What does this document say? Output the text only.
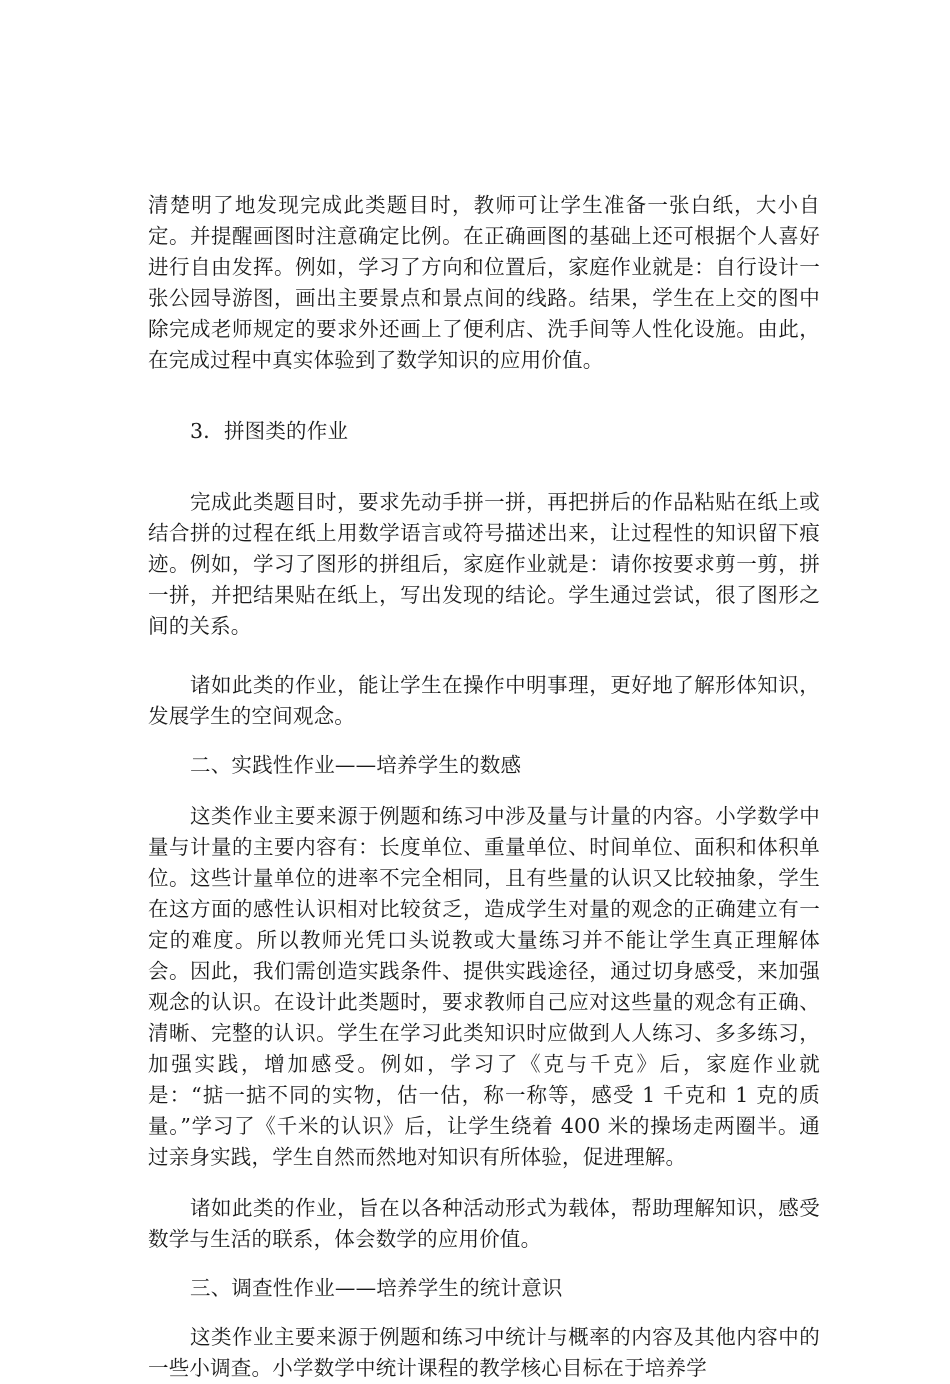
清楚明了地发现完成此类题目时，教师可让学生准备一张白纸，大小自定。并提醒画图时注意确定比例。在正确画图的基础上还可根据个人喜好进行自由发挥。例如，学习了方向和位置后，家庭作业就是：自行设计一张公园导游图，画出主要景点和景点间的线路。结果，学生在上交的图中除完成老师规定的要求外还画上了便利店、洗手间等人性化设施。由此，在完成过程中真实体验到了数学知识的应用价值。

3．拼图类的作业

完成此类题目时，要求先动手拼一拼，再把拼后的作品粘贴在纸上或结合拼的过程在纸上用数学语言或符号描述出来，让过程性的知识留下痕迹。例如，学习了图形的拼组后，家庭作业就是：请你按要求剪一剪，拼一拼，并把结果贴在纸上，写出发现的结论。学生通过尝试，很了图形之间的关系。

诸如此类的作业，能让学生在操作中明事理，更好地了解形体知识，发展学生的空间观念。

二、实践性作业——培养学生的数感

这类作业主要来源于例题和练习中涉及量与计量的内容。小学数学中量与计量的主要内容有：长度单位、重量单位、时间单位、面积和体积单位。这些计量单位的进率不完全相同，且有些量的认识又比较抽象，学生在这方面的感性认识相对比较贫乏，造成学生对量的观念的正确建立有一定的难度。所以教师光凭口头说教或大量练习并不能让学生真正理解体会。因此，我们需创造实践条件、提供实践途径，通过切身感受，来加强观念的认识。在设计此类题时，要求教师自己应对这些量的观念有正确、清晰、完整的认识。学生在学习此类知识时应做到人人练习、多多练习，加强实践，增加感受。例如，学习了《克与千克》后，家庭作业就是：“掂一掂不同的实物，估一估，称一称等，感受 1 千克和 1 克的质量。”学习了《千米的认识》后，让学生绕着 400 米的操场走两圈半。通过亲身实践，学生自然而然地对知识有所体验，促进理解。

诸如此类的作业，旨在以各种活动形式为载体，帮助理解知识，感受数学与生活的联系，体会数学的应用价值。

三、调查性作业——培养学生的统计意识

这类作业主要来源于例题和练习中统计与概率的内容及其他内容中的一些小调查。小学数学中统计课程的教学核心目标在于培养学
